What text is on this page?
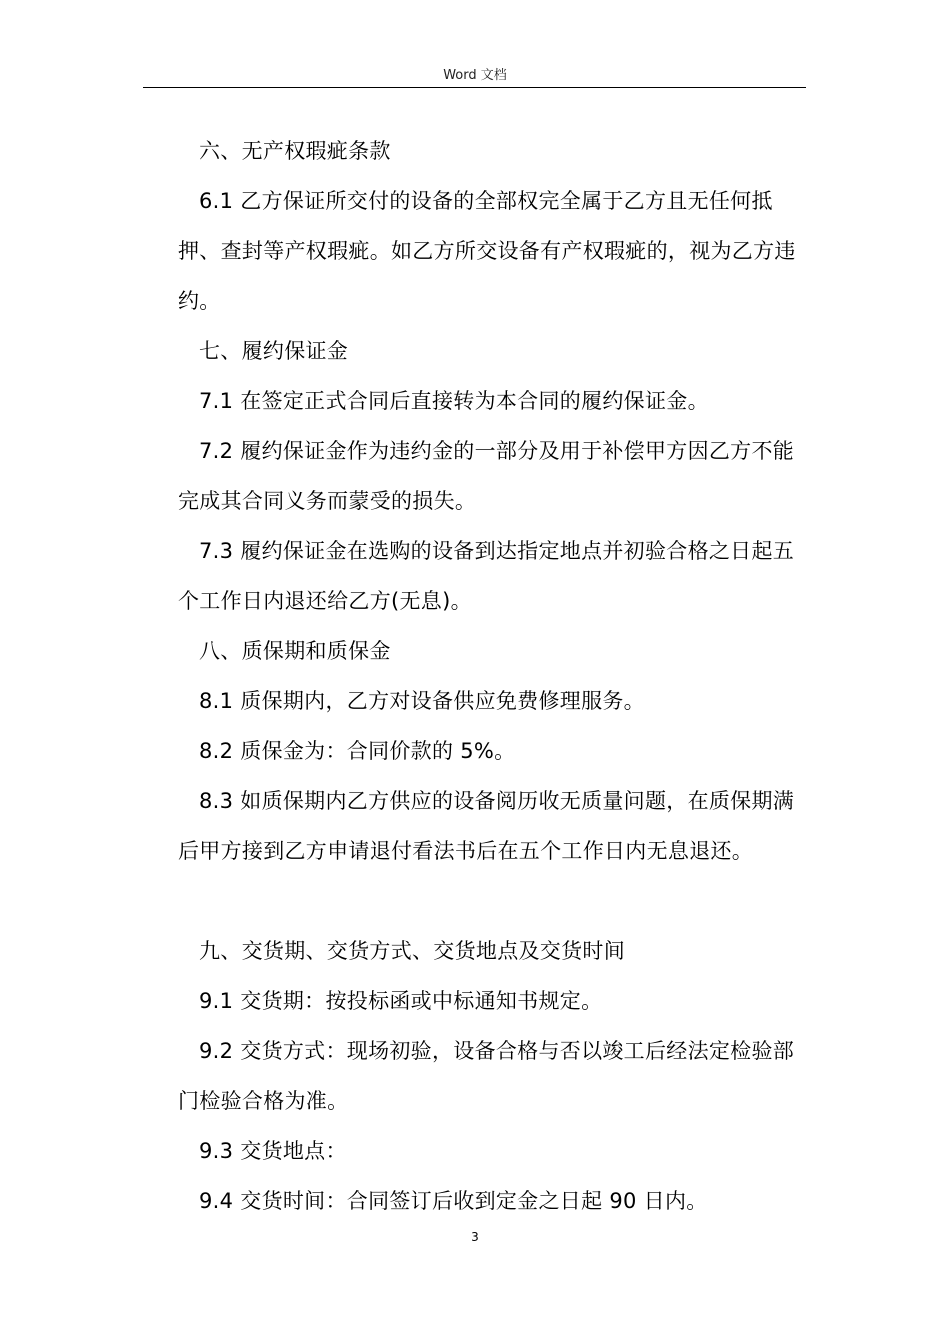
Word 文档

六、无产权瑕疵条款

6.1 乙方保证所交付的设备的全部权完全属于乙方且无任何抵押、查封等产权瑕疵。如乙方所交设备有产权瑕疵的，视为乙方违约。

七、履约保证金

7.1 在签定正式合同后直接转为本合同的履约保证金。

7.2 履约保证金作为违约金的一部分及用于补偿甲方因乙方不能完成其合同义务而蒙受的损失。

7.3 履约保证金在选购的设备到达指定地点并初验合格之日起五个工作日内退还给乙方(无息)。

八、质保期和质保金

8.1 质保期内，乙方对设备供应免费修理服务。

8.2 质保金为：合同价款的 5%。

8.3 如质保期内乙方供应的设备阅历收无质量问题，在质保期满后甲方接到乙方申请退付看法书后在五个工作日内无息退还。

九、交货期、交货方式、交货地点及交货时间

9.1 交货期：按投标函或中标通知书规定。

9.2 交货方式：现场初验，设备合格与否以竣工后经法定检验部门检验合格为准。

9.3 交货地点：

9.4 交货时间：合同签订后收到定金之日起 90 日内。

3
